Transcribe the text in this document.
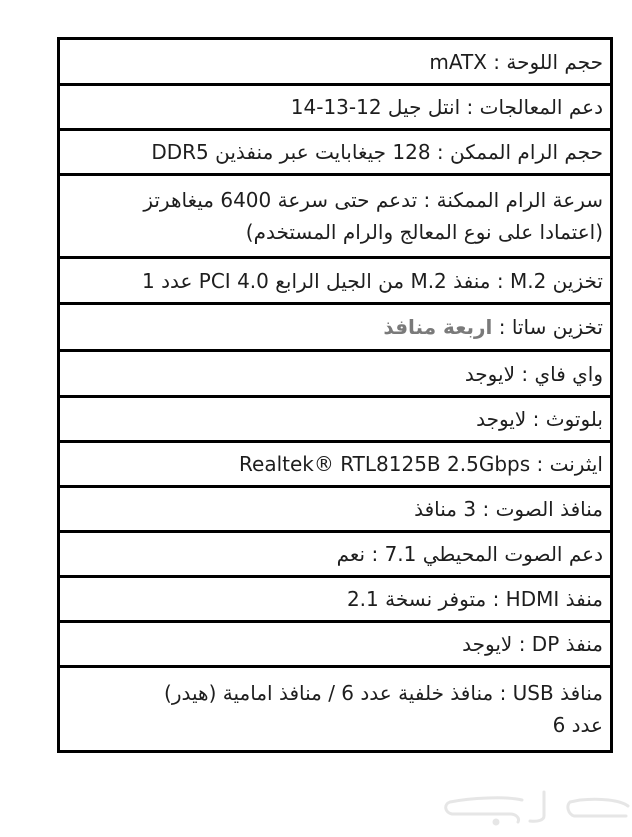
حجم اللوحة : mATX
دعم المعالجات : انتل جيل 12-13-14
حجم الرام الممكن : 128 جيغابايت عبر منفذين DDR5
سرعة الرام الممكنة : تدعم حتى سرعة 6400 ميغاهرتز
(اعتمادا على نوع المعالج والرام المستخدم)
تخزين M.2 : منفذ M.2 من الجيل الرابع PCI 4.0 عدد 1
تخزين ساتا : اربعة منافذ
واي فاي : لايوجد
بلوتوث : لايوجد
ايثرنت : Realtek® RTL8125B 2.5Gbps
منافذ الصوت : 3 منافذ
دعم الصوت المحيطي 7.1 : نعم
منفذ HDMI : متوفر نسخة 2.1
منفذ DP : لايوجد
منافذ USB : منافذ خلفية عدد 6 / منافذ امامية (هيدر)
عدد 6
